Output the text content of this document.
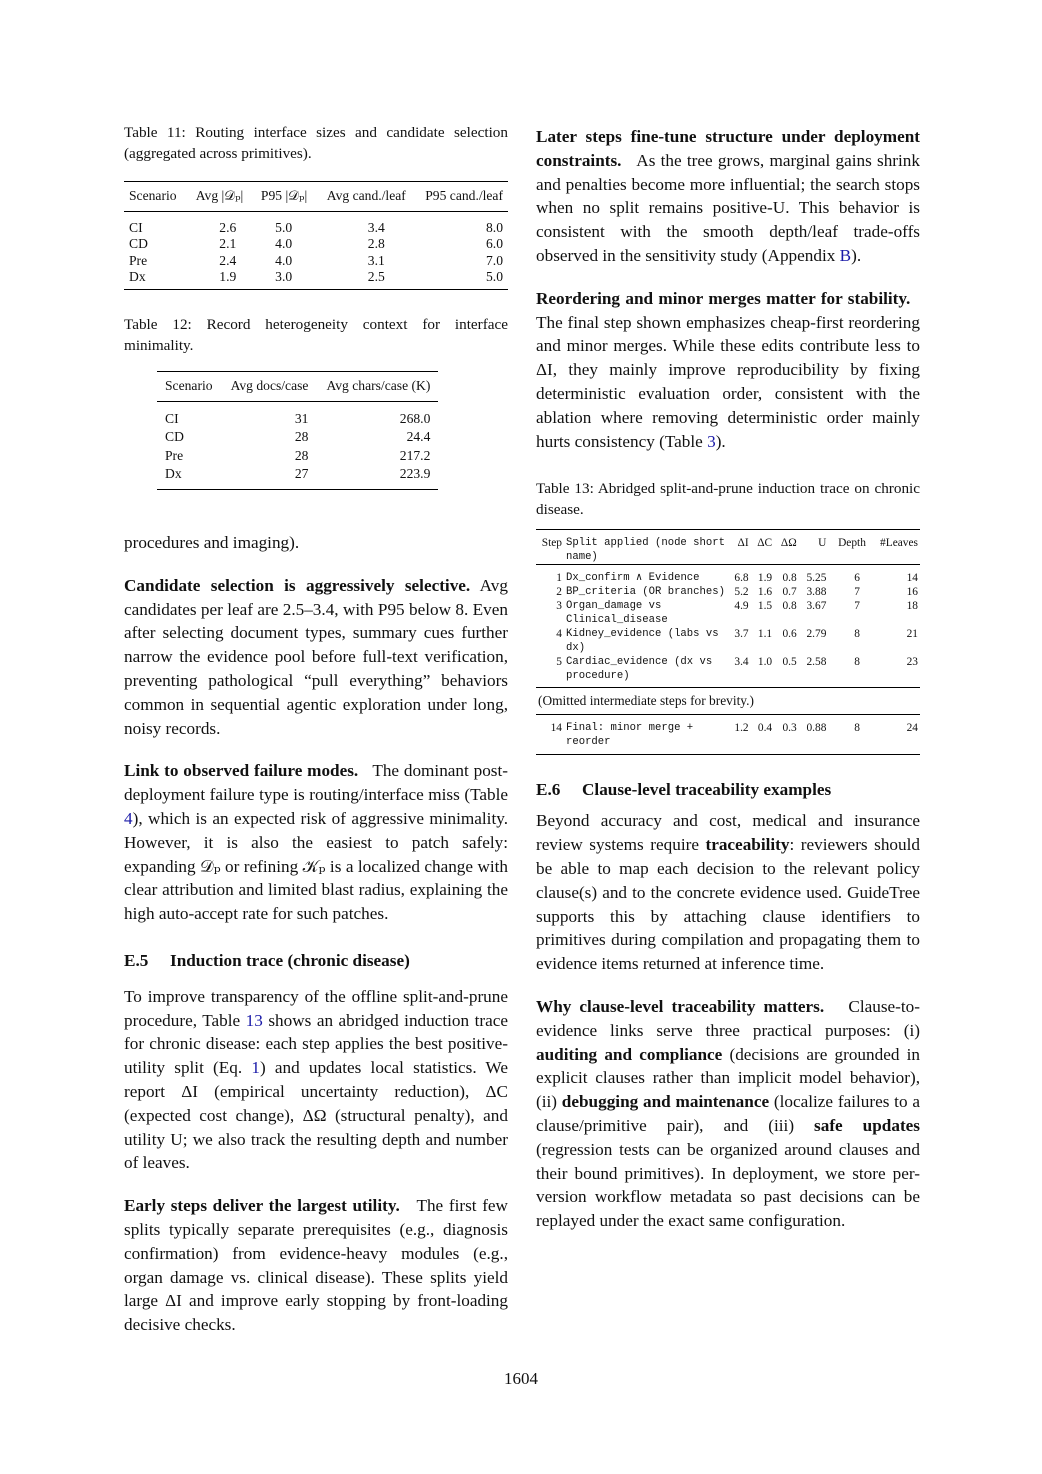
Table 11: Routing interface sizes and candidate selection (aggregated across primitives).
Scenario	Avg |𝒟ₚ|	P95 |𝒟ₚ|	Avg cand./leaf	P95 cand./leaf
CI	2.6	5.0	3.4	8.0
CD	2.1	4.0	2.8	6.0
Pre	2.4	4.0	3.1	7.0
Dx	1.9	3.0	2.5	5.0
Table 12: Record heterogeneity context for interface minimality.
Scenario	Avg docs/case	Avg chars/case (K)
CI	31	268.0
CD	28	24.4
Pre	28	217.2
Dx	27	223.9

procedures and imaging).

Candidate selection is aggressively selective. Avg candidates per leaf are 2.5–3.4, with P95 below 8. Even after selecting document types, summary cues further narrow the evidence pool before full-text verification, preventing pathological “pull everything” behaviors common in sequential agentic exploration under long, noisy records.

Link to observed failure modes. The dominant post-deployment failure type is routing/interface miss (Table 4), which is an expected risk of aggressive minimality. However, it is also the easiest to patch safely: expanding 𝒟ₚ or refining 𝒦ₚ is a localized change with clear attribution and limited blast radius, explaining the high auto-accept rate for such patches.

E.5 Induction trace (chronic disease)

To improve transparency of the offline split-and-prune procedure, Table 13 shows an abridged induction trace for chronic disease: each step applies the best positive-utility split (Eq. 1) and updates local statistics. We report ΔI (empirical uncertainty reduction), ΔC (expected cost change), ΔΩ (structural penalty), and utility U; we also track the resulting depth and number of leaves.

Early steps deliver the largest utility. The first few splits typically separate prerequisites (e.g., diagnosis confirmation) from evidence-heavy modules (e.g., organ damage vs. clinical disease). These splits yield large ΔI and improve early stopping by front-loading decisive checks.

Later steps fine-tune structure under deployment constraints. As the tree grows, marginal gains shrink and penalties become more influential; the search stops when no split remains positive-U. This behavior is consistent with the smooth depth/leaf trade-offs observed in the sensitivity study (Appendix B).

Reordering and minor merges matter for stability.   The final step shown emphasizes cheap-first reordering and minor merges. While these edits contribute less to ΔI, they mainly improve reproducibility by fixing deterministic evaluation order, consistent with the ablation where removing deterministic order mainly hurts consistency (Table 3).

Table 13: Abridged split-and-prune induction trace on chronic disease.
Step	Split applied (node short name)	ΔI	ΔC	ΔΩ	U	Depth	#Leaves
1	Dx_confirm ∧ Evidence	6.8	1.9	0.8	5.25	6	14
2	BP_criteria (OR branches)	5.2	1.6	0.7	3.88	7	16
3	Organ_damage vs Clinical_disease	4.9	1.5	0.8	3.67	7	18
4	Kidney_evidence (labs vs dx)	3.7	1.1	0.6	2.79	8	21
5	Cardiac_evidence (dx vs procedure)	3.4	1.0	0.5	2.58	8	23
(Omitted intermediate steps for brevity.)							
14	Final: minor merge + reorder	1.2	0.4	0.3	0.88	8	24
E.6 Clause-level traceability examples

Beyond accuracy and cost, medical and insurance review systems require traceability: reviewers should be able to map each decision to the relevant policy clause(s) and to the concrete evidence used. GuideTree supports this by attaching clause identifiers to primitives during compilation and propagating them to evidence items returned at inference time.

Why clause-level traceability matters. Clause-to-evidence links serve three practical purposes: (i) auditing and compliance (decisions are grounded in explicit clauses rather than implicit model behavior), (ii) debugging and maintenance (localize failures to a clause/primitive pair), and (iii) safe updates (regression tests can be organized around clauses and their bound primitives). In deployment, we store per-version workflow metadata so past decisions can be replayed under the exact same configuration.

1604
